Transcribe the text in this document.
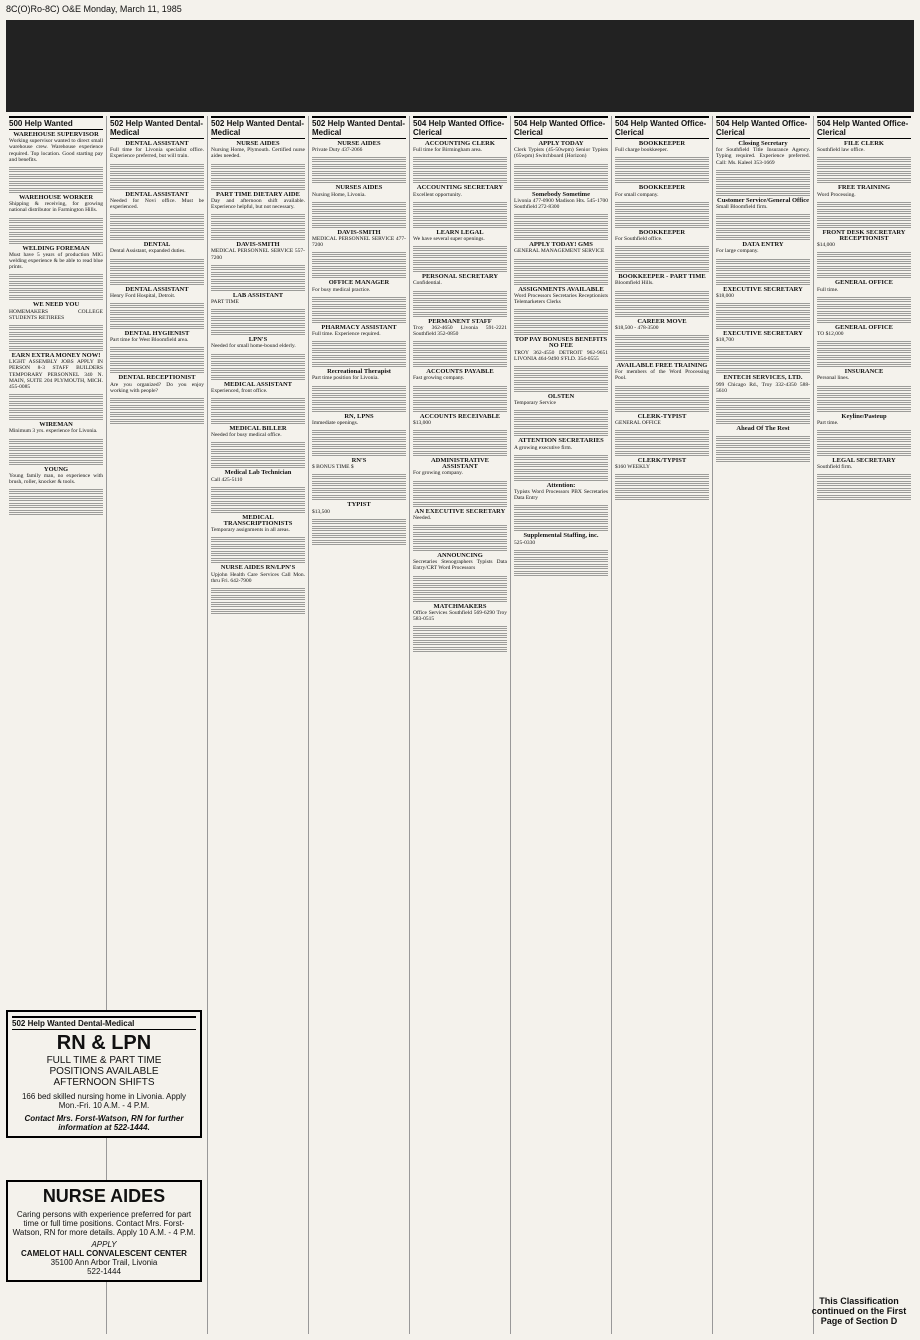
8C(O)Ro-8C) O&E Monday, March 11, 1985
500 Help Wanted
WAREHOUSE SUPERVISOR
Working supervisor wanted to direct small warehouse crew. Warehouse experience required. Top location. Good starting pay and benefits.
WAREHOUSE WORKER
Shipping & receiving, for growing national distributor in Farmington Hills.
WELDING FOREMAN
Must have 5 years of production MIG welding experience & be able to read blue prints.
WE NEED YOU
HOMEMAKERS COLLEGE STUDENTS RETIREES
EARN EXTRA MONEY NOW!
LIGHT ASSEMBLY JOBS APPLY IN PERSON 8-3 STAFF BUILDERS TEMPORARY PERSONNEL 340 N. MAIN, SUITE 204 PLYMOUTH, MICH. 455-0085
WIREMAN
Minimum 3 yrs. experience for Livonia.
YOUNG
Young family man, no experience with brush, roller, knocker & tools.
502 Help Wanted Dental-Medical
DENTAL ASSISTANT
Full time for Livonia specialist office. Experience preferred, but will train.
DENTAL ASSISTANT
Needed for Novi office. Must be experienced.
DENTAL
Dental Assistant, expanded duties.
DENTAL ASSISTANT
Henry Ford Hospital, Detroit.
DENTAL HYGIENIST
Part time for West Bloomfield area.
DENTAL RECEPTIONIST
Are you organized? Do you enjoy working with people?
502 Help Wanted Dental-Medical
NURSE AIDES
Nursing Home, Plymouth. Certified nurse aides needed.
PART TIME DIETARY AIDE
Day and afternoon shift available. Experience helpful, but not necessary.
DAVIS-SMITH
MEDICAL PERSONNEL SERVICE 557-7200
LAB ASSISTANT
PART TIME
LPN'S
Needed for small home-bound elderly.
MEDICAL ASSISTANT
Experienced, front office.
MEDICAL BILLER
Needed for busy medical office.
Medical Lab Technician
Call 425-5110
MEDICAL TRANSCRIPTIONISTS
Temporary assignments in all areas.
NURSE AIDES RN/LPN'S
Upjohn Health Care Services Call Mon. thru Fri. 642-7900
502 Help Wanted Dental-Medical
NURSE AIDES
Private Duty 437-2066
NURSES AIDES
Nursing Home, Livonia.
DAVIS-SMITH
MEDICAL PERSONNEL SERVICE 477-7200
OFFICE MANAGER
For busy medical practice.
PHARMACY ASSISTANT
Full time. Experience required.
Recreational Therapist
Part time position for Livonia.
RN, LPNS
Immediate openings.
RN'S
$ BONUS TIME $
TYPIST
$13,500
504 Help Wanted Office-Clerical
ACCOUNTING CLERK
Full time for Birmingham area.
ACCOUNTING SECRETARY
Excellent opportunity.
LEARN LEGAL
We have several super openings.
PERSONAL SECRETARY
Confidential.
PERMANENT STAFF
Troy 362-4650 Livonia 591-2221 Southfield 352-0850
ACCOUNTS PAYABLE
Fast growing company.
ACCOUNTS RECEIVABLE
$13,000
ADMINISTRATIVE ASSISTANT
For growing company.
AN EXECUTIVE SECRETARY
Needed.
ANNOUNCING
Secretaries Stenographers Typists Data Entry/CRT Word Processors
MATCHMAKERS
Office Services Southfield 569-6290 Troy 583-0515
504 Help Wanted Office-Clerical
APPLY TODAY
Clerk Typists (45-50wpm) Senior Typists (65wpm) Switchboard (Horizon)
Somebody Sometime
Livonia 477-0900 Madison Hts. 545-1700 Southfield 272-8300
APPLY TODAY! GMS
GENERAL MANAGEMENT SERVICE
ASSIGNMENTS AVAILABLE
Word Processors Secretaries Receptionists Telemarketers Clerks
TOP PAY BONUSES BENEFITS NO FEE
TROY 362-4550 DETROIT 962-9651 LIVONIA 464-9490 S'FLD. 354-0555
OLSTEN
Temporary Service
ATTENTION SECRETARIES
A growing executive firm.
Attention:
Typists Word Processors PBX Secretaries Data Entry
Supplemental Staffing, inc.
525-0330
504 Help Wanted Office-Clerical
BOOKKEEPER
Full charge bookkeeper.
BOOKKEEPER
For small company.
BOOKKEEPER
For Southfield office.
BOOKKEEPER - PART TIME
Bloomfield Hills.
CAREER MOVE
$18,500 - 478-3500
AVAILABLE FREE TRAINING
For members of the Word Processing Pool.
CLERK-TYPIST
GENERAL OFFICE
CLERK/TYPIST
$160 WEEKLY
504 Help Wanted Office-Clerical
Closing Secretary
for Southfield Title Insurance Agency. Typing required. Experience preferred. Call: Ms. Kaleel 353-1669
Customer Service/General Office
Small Bloomfield firm.
DATA ENTRY
For large company.
EXECUTIVE SECRETARY
$18,000
EXECUTIVE SECRETARY
$18,700
ENTECH SERVICES, LTD.
999 Chicago Rd., Troy 332-4350 588-5610
Ahead Of The Rest
504 Help Wanted Office-Clerical
FILE CLERK
Southfield law office.
FREE TRAINING
Word Processing.
FRONT DESK SECRETARY RECEPTIONIST
$14,000
GENERAL OFFICE
Full time.
GENERAL OFFICE
TO $12,000
INSURANCE
Personal lines.
Keyline/Pasteup
Part time.
LEGAL SECRETARY
Southfield firm.
502 Help Wanted Dental-Medical
RN & LPN
FULL TIME & PART TIME
POSITIONS AVAILABLE
AFTERNOON SHIFTS
166 bed skilled nursing home in Livonia. Apply Mon.-Fri. 10 A.M. - 4 P.M.
Contact Mrs. Forst-Watson, RN for further information at 522-1444.
NURSE AIDES
Caring persons with experience preferred for part time or full time positions. Contact Mrs. Forst-Watson, RN for more details. Apply 10 A.M. - 4 P.M.
APPLY
CAMELOT HALL CONVALESCENT CENTER
35100 Ann Arbor Trail, Livonia
522-1444
This Classification
continued on the First
Page of Section D
